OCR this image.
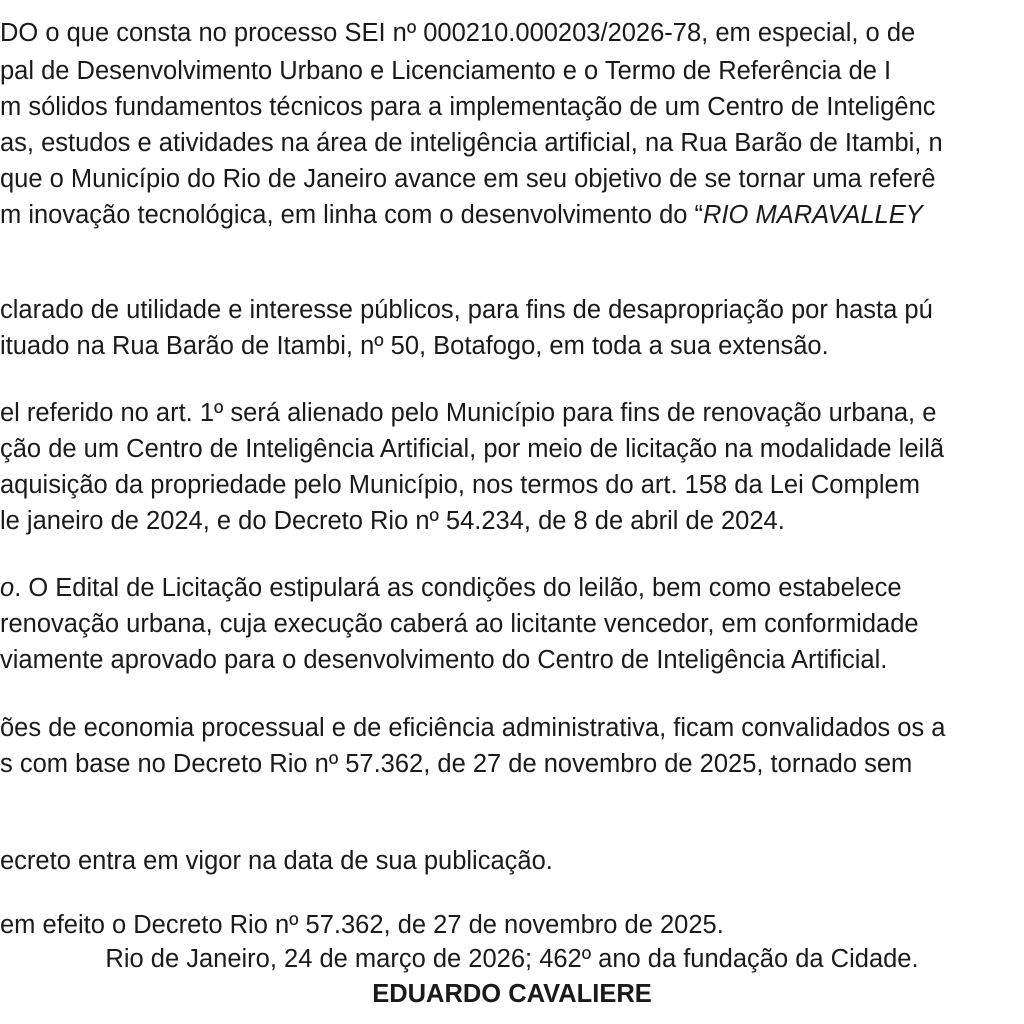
DO o que consta no processo SEI nº 000210.000203/2026-78, em especial, o de
pal de Desenvolvimento Urbano e Licenciamento e o Termo de Referência de I
m sólidos fundamentos técnicos para a implementação de um Centro de Inteligênc
as, estudos e atividades na área de inteligência artificial, na Rua Barão de Itambi, n
que o Município do Rio de Janeiro avance em seu objetivo de se tornar uma referê
m inovação tecnológica, em linha com o desenvolvimento do “RIO MARAVALLEY
clarado de utilidade e interesse públicos, para fins de desapropriação por hasta pú
ituado na Rua Barão de Itambi, nº 50, Botafogo, em toda a sua extensão.
el referido no art. 1º será alienado pelo Município para fins de renovação urbana, e
ção de um Centro de Inteligência Artificial, por meio de licitação na modalidade leilã
aquisição da propriedade pelo Município, nos termos do art. 158 da Lei Complem
le janeiro de 2024, e do Decreto Rio nº 54.234, de 8 de abril de 2024.
o. O Edital de Licitação estipulará as condições do leilão, bem como estabelece
renovação urbana, cuja execução caberá ao licitante vencedor, em conformidade
viamente aprovado para o desenvolvimento do Centro de Inteligência Artificial.
ões de economia processual e de eficiência administrativa, ficam convalidados os a
s com base no Decreto Rio nº 57.362, de 27 de novembro de 2025, tornado sem
ecreto entra em vigor na data de sua publicação.
em efeito o Decreto Rio nº 57.362, de 27 de novembro de 2025.
Rio de Janeiro, 24 de março de 2026; 462º ano da fundação da Cidade.
EDUARDO CAVALIERE
